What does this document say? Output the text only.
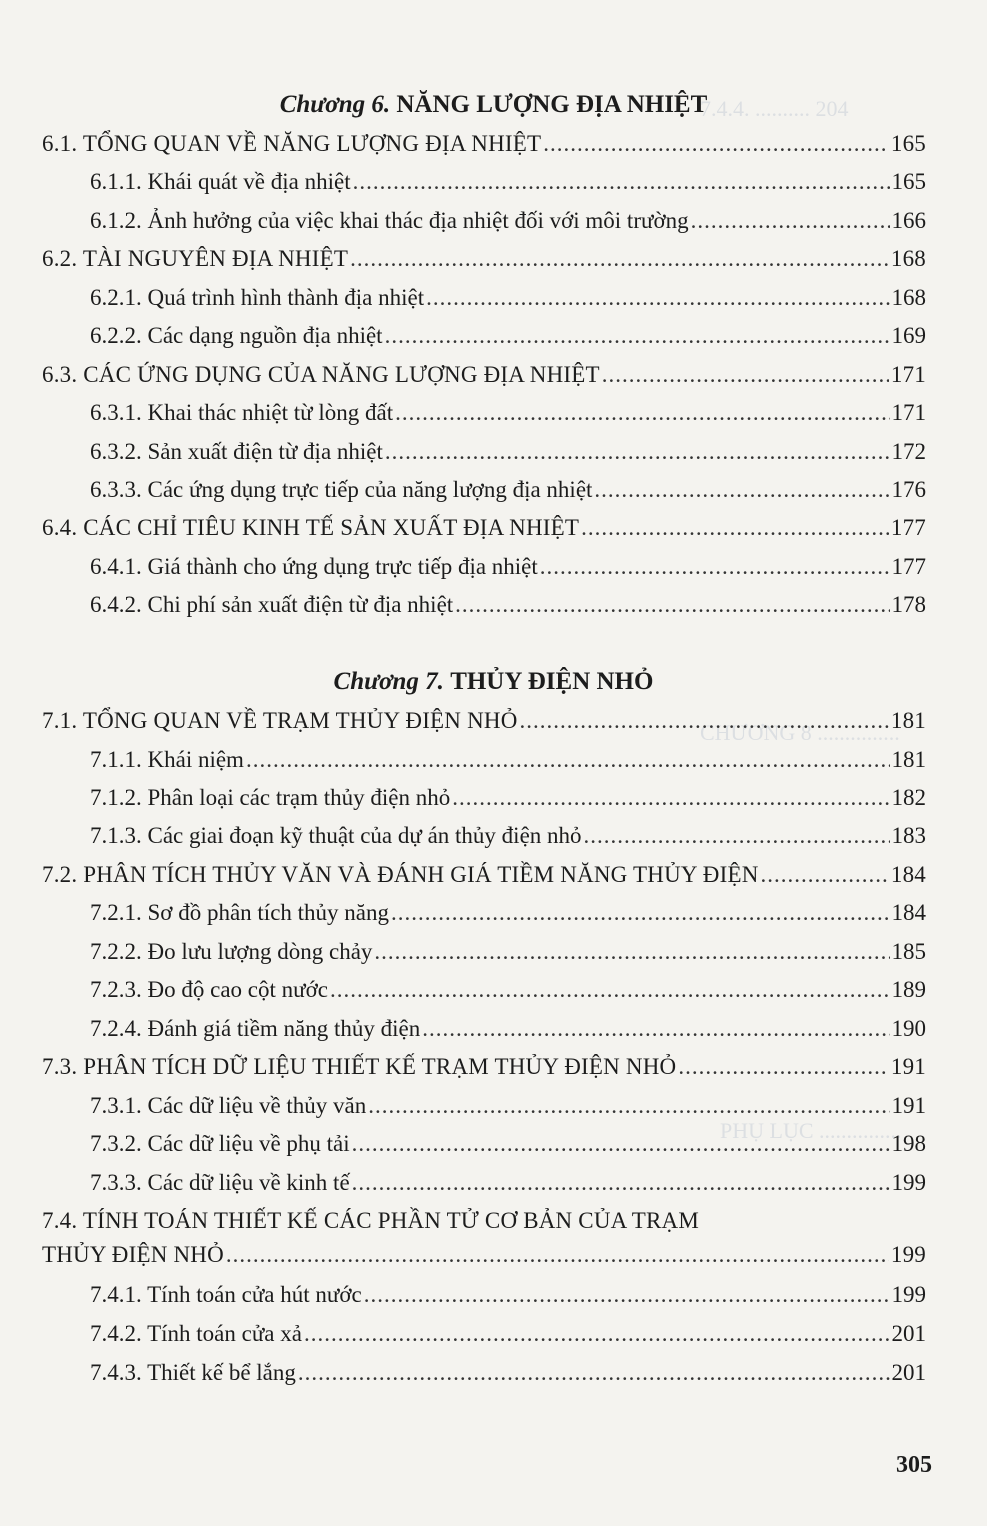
7.4.4. .......... 204
CHƯƠNG 8 ...............
PHỤ LỤC ...............
Chương 6. NĂNG LƯỢNG ĐỊA NHIỆT
6.1. TỔNG QUAN VỀ NĂNG LƯỢNG ĐỊA NHIỆT .....	165
6.1.1. Khái quát về địa nhiệt .....	165
6.1.2. Ảnh hưởng của việc khai thác địa nhiệt đối với môi trường .....	166
6.2. TÀI NGUYÊN ĐỊA NHIỆT .....	168
6.2.1. Quá trình hình thành địa nhiệt .....	168
6.2.2. Các dạng nguồn địa nhiệt .....	169
6.3. CÁC ỨNG DỤNG CỦA NĂNG LƯỢNG ĐỊA NHIỆT .....	171
6.3.1. Khai thác nhiệt từ lòng đất .....	171
6.3.2. Sản xuất điện từ địa nhiệt .....	172
6.3.3. Các ứng dụng trực tiếp của năng lượng địa nhiệt .....	176
6.4. CÁC CHỈ TIÊU KINH TẾ SẢN XUẤT ĐỊA NHIỆT .....	177
6.4.1. Giá thành cho ứng dụng trực tiếp địa nhiệt .....	177
6.4.2. Chi phí sản xuất điện từ địa nhiệt .....	178
Chương 7. THỦY ĐIỆN NHỎ
7.1. TỔNG QUAN VỀ TRẠM THỦY ĐIỆN NHỎ .....	181
7.1.1. Khái niệm .....	181
7.1.2. Phân loại các trạm thủy điện nhỏ .....	182
7.1.3. Các giai đoạn kỹ thuật của dự án thủy điện nhỏ .....	183
7.2. PHÂN TÍCH THỦY VĂN VÀ ĐÁNH GIÁ TIỀM NĂNG THỦY ĐIỆN .....	184
7.2.1. Sơ đồ phân tích thủy năng .....	184
7.2.2. Đo lưu lượng dòng chảy .....	185
7.2.3. Đo độ cao cột nước .....	189
7.2.4. Đánh giá tiềm năng thủy điện .....	190
7.3. PHÂN TÍCH DỮ LIỆU THIẾT KẾ TRẠM THỦY ĐIỆN NHỎ .....	191
7.3.1. Các dữ liệu về thủy văn .....	191
7.3.2. Các dữ liệu về phụ tải .....	198
7.3.3. Các dữ liệu về kinh tế .....	199
7.4. TÍNH TOÁN THIẾT KẾ CÁC PHẦN TỬ CƠ BẢN CỦA TRẠM
THỦY ĐIỆN NHỎ .....	199
7.4.1. Tính toán cửa hút nước .....	199
7.4.2. Tính toán cửa xả .....	201
7.4.3. Thiết kế bể lắng .....	201
305
